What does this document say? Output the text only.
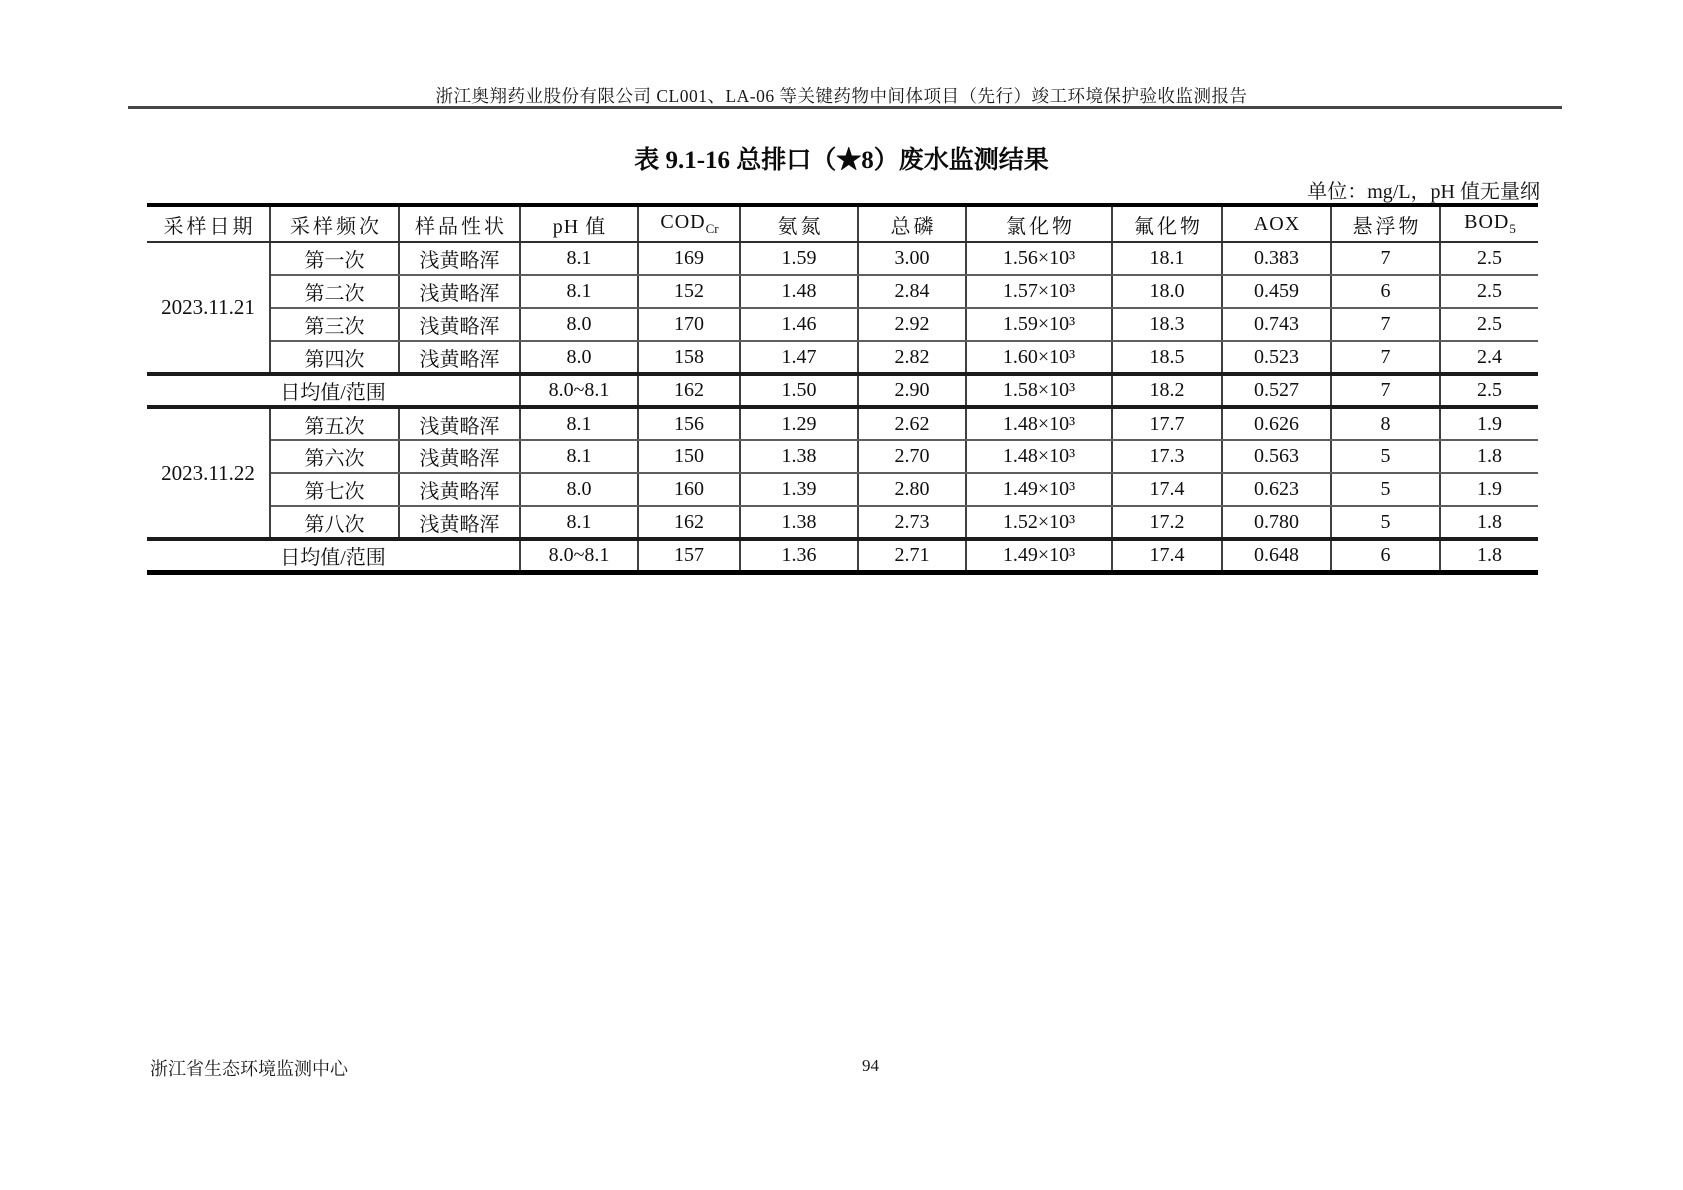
浙江奥翔药业股份有限公司 CL001、LA-06 等关键药物中间体项目（先行）竣工环境保护验收监测报告
表 9.1-16 总排口（★8）废水监测结果
单位：mg/L，pH 值无量纲
采样日期	采样频次	样品性状	pH 值	$COD_{Cr}$	氨氮	总磷	氯化物	氟化物	AOX	悬浮物	$BOD_5$
2023.11.21	第一次	浅黄略浑	8.1	169	1.59	3.00	1.56×10³	18.1	0.383	7	2.5
	第二次	浅黄略浑	8.1	152	1.48	2.84	1.57×10³	18.0	0.459	6	2.5
	第三次	浅黄略浑	8.0	170	1.46	2.92	1.59×10³	18.3	0.743	7	2.5
	第四次	浅黄略浑	8.0	158	1.47	2.82	1.60×10³	18.5	0.523	7	2.4
日均值/范围			8.0~8.1	162	1.50	2.90	1.58×10³	18.2	0.527	7	2.5
2023.11.22	第五次	浅黄略浑	8.1	156	1.29	2.62	1.48×10³	17.7	0.626	8	1.9
	第六次	浅黄略浑	8.1	150	1.38	2.70	1.48×10³	17.3	0.563	5	1.8
	第七次	浅黄略浑	8.0	160	1.39	2.80	1.49×10³	17.4	0.623	5	1.9
	第八次	浅黄略浑	8.1	162	1.38	2.73	1.52×10³	17.2	0.780	5	1.8
日均值/范围			8.0~8.1	157	1.36	2.71	1.49×10³	17.4	0.648	6	1.8
浙江省生态环境监测中心	94
